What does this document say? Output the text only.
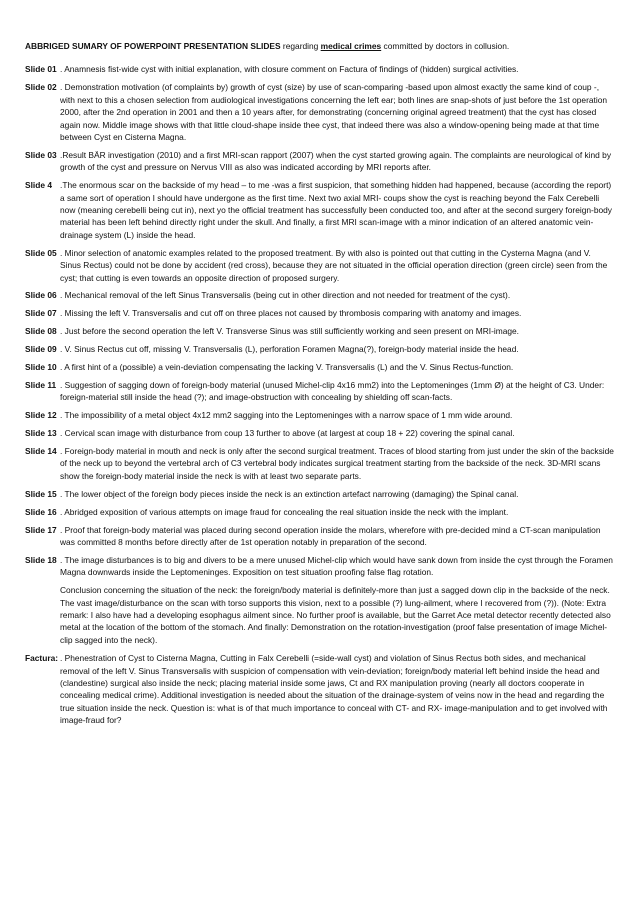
ABBRIGED SUMARY OF POWERPOINT PRESENTATION SLIDES regarding medical crimes committed by doctors in collusion.
Slide 01 . Anamnesis fist-wide cyst with initial explanation, with closure comment on Factura of findings of (hidden) surgical activities.
Slide 02 . Demonstration motivation (of complaints by) growth of cyst (size) by use of scan-comparing -based upon almost exactly the same kind of coup -, with next to this a chosen selection from audiological investigations concerning the left ear; both lines are snap-shots of just before the 1st operation 2000, after the 2nd operation in 2001 and then a 10 years after, for demonstrating (concerning original agreed treatment) that the cyst has closed again now. Middle image shows with that little cloud-shape inside thee cyst, that indeed there was also a window-opening being made at that time between Cyst en Cisterna Magna.
Slide 03 .Result BÄR investigation (2010) and a first MRI-scan rapport (2007) when the cyst started growing again. The complaints are neurological of kind by growth of the cyst and pressure on Nervus VIII as also was indicated according by MRI reports after.
Slide 4 .The enormous scar on the backside of my head – to me -was a first suspicion, that something hidden had happened, because (according the report) a same sort of operation I should have undergone as the first time. Next two axial MRI- coups show the cyst is reaching beyond the Falx Cerebelli now (meaning cerebelli being cut in), next yo the official treatment has successfully been conducted too, and after at the second surgery foreign-body material has been left behind directly right under the skull. And finally, a first MRI scan-image with a minor indication of an altered anatomic vein-drainage system (L) inside the head.
Slide 05 . Minor selection of anatomic examples related to the proposed treatment. By with also is pointed out that cutting in the Cysterna Magna (and V. Sinus Rectus) could not be done by accident (red cross), because they are not situated in the official operation direction (green circle) seen from the cyst; that cutting is even towards an opposite direction of proposed surgery.
Slide 06 . Mechanical removal of the left Sinus Transversalis (being cut in other direction and not needed for treatment of the cyst).
Slide 07 . Missing the left V. Transversalis and cut off on three places not caused by thrombosis comparing with anatomy and images.
Slide 08 . Just before the second operation the left V. Transverse Sinus was still sufficiently working and seen present on MRI-image.
Slide 09 . V. Sinus Rectus cut off, missing V. Transversalis (L), perforation Foramen Magna(?), foreign-body material inside the head.
Slide 10 . A first hint of a (possible) a vein-deviation compensating the lacking V. Transversalis (L) and the V. Sinus Rectus-function.
Slide 11 . Suggestion of sagging down of foreign-body material (unused Michel-clip 4x16 mm2) into the Leptomeninges (1mm Ø) at the height of C3. Under: foreign-material still inside the head (?); and image-obstruction with concealing by shielding off scan-facts.
Slide 12 . The impossibility of a metal object 4x12 mm2 sagging into the Leptomeninges with a narrow space of 1 mm wide around.
Slide 13 . Cervical scan image with disturbance from coup 13 further to above (at largest at coup 18 + 22) covering the spinal canal.
Slide 14 . Foreign-body material in mouth and neck is only after the second surgical treatment. Traces of blood starting from just under the skin of the backside of the neck up to beyond the vertebral arch of C3 vertebral body indicates surgical treatment starting from the backside of the neck. 3D-MRI scans show the foreign-body material inside the neck is with at least two separate parts.
Slide 15 . The lower object of the foreign body pieces inside the neck is an extinction artefact narrowing (damaging) the Spinal canal.
Slide 16 . Abridged exposition of various attempts on image fraud for concealing the real situation inside the neck with the implant.
Slide 17 . Proof that foreign-body material was placed during second operation inside the molars, wherefore with pre-decided mind a CT-scan manipulation was committed 8 months before directly after de 1st operation notably in preparation of the second.
Slide 18 . The image disturbances is to big and divers to be a mere unused Michel-clip which would have sank down from inside the cyst through the Foramen Magna downwards inside the Leptomeninges. Exposition on test situation proofing false flag rotation.
Conclusion concerning the situation of the neck: the foreign/body material is definitely-more than just a sagged down clip in the backside of the neck. The vast image/disturbance on the scan with torso supports this vision, next to a possible (?) lung-ailment, where I recovered from (?)). (Note: Extra remark: I also have had a developing esophagus ailment since. No further proof is available, but the Garret Ace metal detector recently detected also metal at the location of the bottom of the stomach. And finally: Demonstration on the rotation-investigation (proof false presentation of image Michel-clip sagged into the neck).
Factura: . Phenestration of Cyst to Cisterna Magna, Cutting in Falx Cerebelli (=side-wall cyst) and violation of Sinus Rectus both sides, and mechanical removal of the left V. Sinus Transversalis with suspicion of compensation with vein-deviation; foreign/body material left behind inside the head and (clandestine) surgical also inside the neck; placing material inside some jaws, Ct and RX manipulation proving (nearly all doctors cooperate in concealing medical crime). Additional investigation is needed about the situation of the drainage-system of veins now in the head and regarding the true situation inside the neck. Question is: what is of that much importance to conceal with CT- and RX- image-manipulation and to get involved with image-fraud for?
